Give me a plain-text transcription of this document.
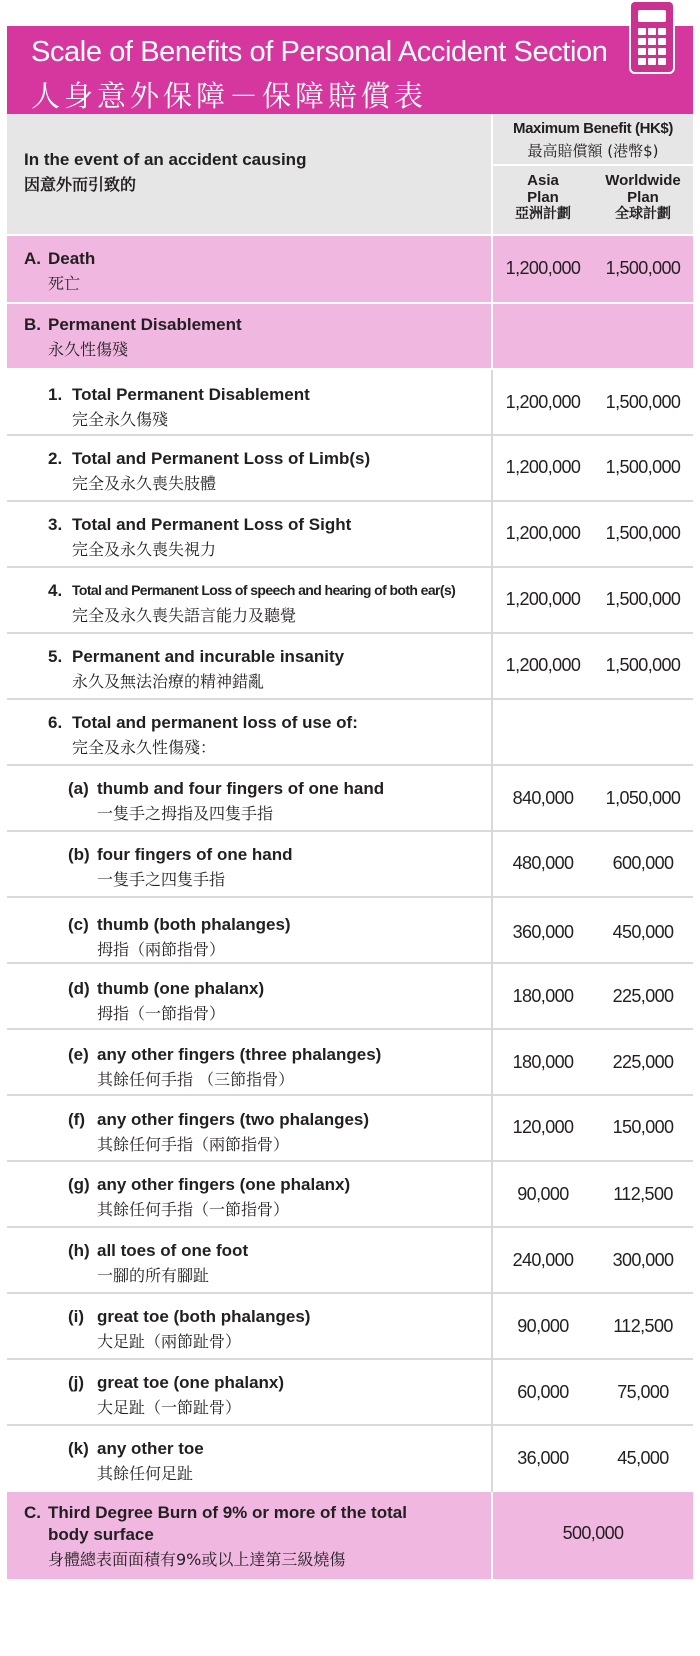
Scale of Benefits of Personal Accident Section
人身意外保障－保障賠償表
In the event of an accident causing
因意外而引致的
Maximum Benefit (HK$)
最高賠償額 (港幣$)
Asia
Plan
亞洲計劃
Worldwide
Plan
全球計劃
A. Death
死亡
1,200,000	1,500,000
B. Permanent Disablement
永久性傷殘
1. Total Permanent Disablement
完全永久傷殘
1,200,000	1,500,000
2. Total and Permanent Loss of Limb(s)
完全及永久喪失肢體
1,200,000	1,500,000
3. Total and Permanent Loss of Sight
完全及永久喪失視力
1,200,000	1,500,000
4. Total and Permanent Loss of speech and hearing of both ear(s)
完全及永久喪失語言能力及聽覺
1,200,000	1,500,000
5. Permanent and incurable insanity
永久及無法治療的精神錯亂
1,200,000	1,500,000
6. Total and permanent loss of use of:
完全及永久性傷殘：
(a) thumb and four fingers of one hand
一隻手之拇指及四隻手指
840,000	1,050,000
(b) four fingers of one hand
一隻手之四隻手指
480,000	600,000
(c) thumb (both phalanges)
拇指（兩節指骨）
360,000	450,000
(d) thumb (one phalanx)
拇指（一節指骨）
180,000	225,000
(e) any other fingers (three phalanges)
其餘任何手指 （三節指骨）
180,000	225,000
(f) any other fingers (two phalanges)
其餘任何手指（兩節指骨）
120,000	150,000
(g) any other fingers (one phalanx)
其餘任何手指（一節指骨）
90,000	112,500
(h) all toes of one foot
一腳的所有腳趾
240,000	300,000
(i) great toe (both phalanges)
大足趾（兩節趾骨）
90,000	112,500
(j) great toe (one phalanx)
大足趾（一節趾骨）
60,000	75,000
(k) any other toe
其餘任何足趾
36,000	45,000
C. Third Degree Burn of 9% or more of the total
body surface
身體總表面面積有9%或以上達第三級燒傷
500,000
